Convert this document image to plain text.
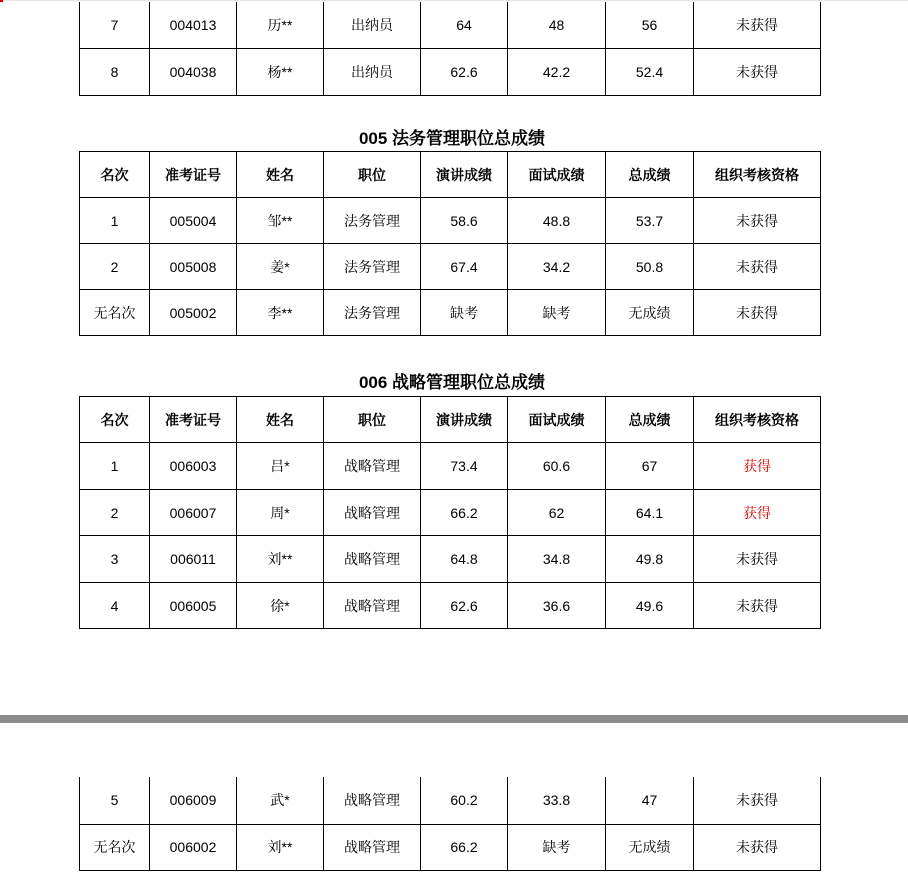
7	004013	历**	出纳员	64	48	56	未获得
8	004038	杨**	出纳员	62.6	42.2	52.4	未获得
005 法务管理职位总成绩
名次	准考证号	姓名	职位	演讲成绩	面试成绩	总成绩	组织考核资格
1	005004	邹**	法务管理	58.6	48.8	53.7	未获得
2	005008	姜*	法务管理	67.4	34.2	50.8	未获得
无名次	005002	李**	法务管理	缺考	缺考	无成绩	未获得
006 战略管理职位总成绩
名次	准考证号	姓名	职位	演讲成绩	面试成绩	总成绩	组织考核资格
1	006003	吕*	战略管理	73.4	60.6	67	获得
2	006007	周*	战略管理	66.2	62	64.1	获得
3	006011	刘**	战略管理	64.8	34.8	49.8	未获得
4	006005	徐*	战略管理	62.6	36.6	49.6	未获得
5	006009	武*	战略管理	60.2	33.8	47	未获得
无名次	006002	刘**	战略管理	66.2	缺考	无成绩	未获得
